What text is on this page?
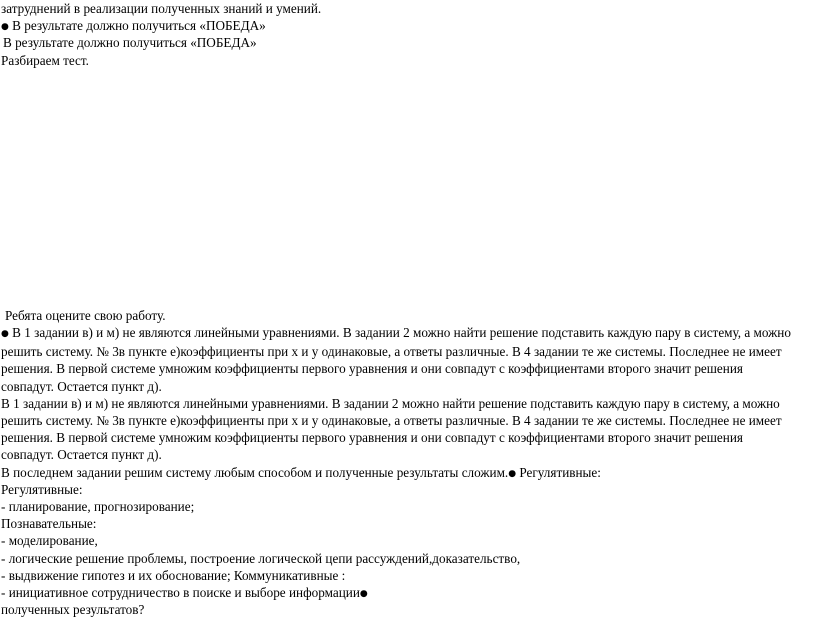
затруднений в реализации полученных знаний и умений.
● В результате должно получиться «ПОБЕДА»
В результате должно получиться «ПОБЕДА»
Разбираем тест.
Ребята оцените свою работу.
● В 1 задании в) и м) не являются линейными уравнениями. В задании 2 можно найти решение подставить каждую пару в систему, а можно решить систему. № 3в пункте е)коэффициенты при х и у одинаковые, а ответы различные. В 4 задании те же системы. Последнее не имеет решения. В первой системе умножим коэффициенты первого уравнения и они совпадут с коэффициентами второго значит решения совпадут. Остается пункт д).
В 1 задании в) и м) не являются линейными уравнениями. В задании 2 можно найти решение подставить каждую пару в систему, а можно решить систему. № 3в пункте е)коэффициенты при х и у одинаковые, а ответы различные. В 4 задании те же системы. Последнее не имеет решения. В первой системе умножим коэффициенты первого уравнения и они совпадут с коэффициентами второго значит решения совпадут. Остается пункт д).
В последнем задании решим систему любым способом и полученные результаты сложим.● Регулятивные:
Регулятивные:
- планирование, прогнозирование;
Познавательные:
- моделирование,
- логические решение проблемы, построение логической цепи рассуждений,доказательство,
- выдвижение гипотез и их обоснование; Коммуникативные :
- инициативное сотрудничество в поиске и выборе информации●
полученных результатов?
